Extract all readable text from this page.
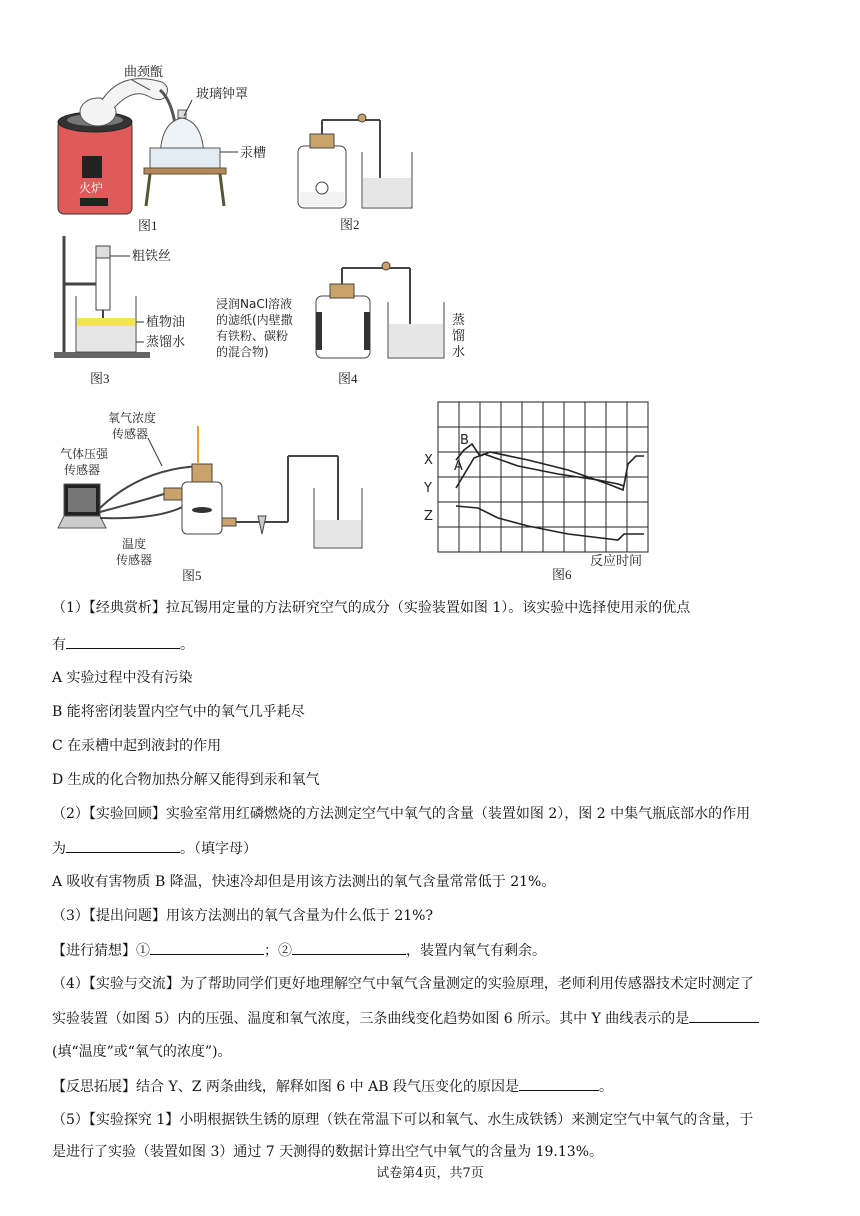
火炉
曲颈甑
玻璃钟罩
汞槽
图1	图2
粗铁丝
植物油
蒸馏水
图3
浸润NaCl溶液
的滤纸(内壁撒
有铁粉、碳粉
的混合物)
蒸
馏
水
图4
氧气浓度
传感器
气体压强
传感器
温度
传感器
图5
X
Y
Z
A
B
反应时间
图6
（1）【经典赏析】拉瓦锡用定量的方法研究空气的成分（实验装置如图 1）。该实验中选择使用汞的优点
有	。
A 实验过程中没有污染
B 能将密闭装置内空气中的氧气几乎耗尽
C 在汞槽中起到液封的作用
D 生成的化合物加热分解又能得到汞和氧气
（2）【实验回顾】实验室常用红磷燃烧的方法测定空气中氧气的含量（装置如图 2），图 2 中集气瓶底部水的作用
为	。（填字母）
A 吸收有害物质 B 降温，快速冷却但是用该方法测出的氧气含量常常低于 21%。
（3）【提出问题】用该方法测出的氧气含量为什么低于 21%?
【进行猜想】①	；②	，装置内氧气有剩余。
（4）【实验与交流】为了帮助同学们更好地理解空气中氧气含量测定的实验原理，老师利用传感器技术定时测定了
实验装置（如图 5）内的压强、温度和氧气浓度，三条曲线变化趋势如图 6 所示。其中 Y 曲线表示的是
(填“温度”或“氧气的浓度”)。
【反思拓展】结合 Y、Z 两条曲线，解释如图 6 中 AB 段气压变化的原因是	。
（5）【实验探究 1】小明根据铁生锈的原理（铁在常温下可以和氧气、水生成铁锈）来测定空气中氧气的含量，于
是进行了实验（装置如图 3）通过 7 天测得的数据计算出空气中氧气的含量为 19.13%。
试卷第4页，共7页
